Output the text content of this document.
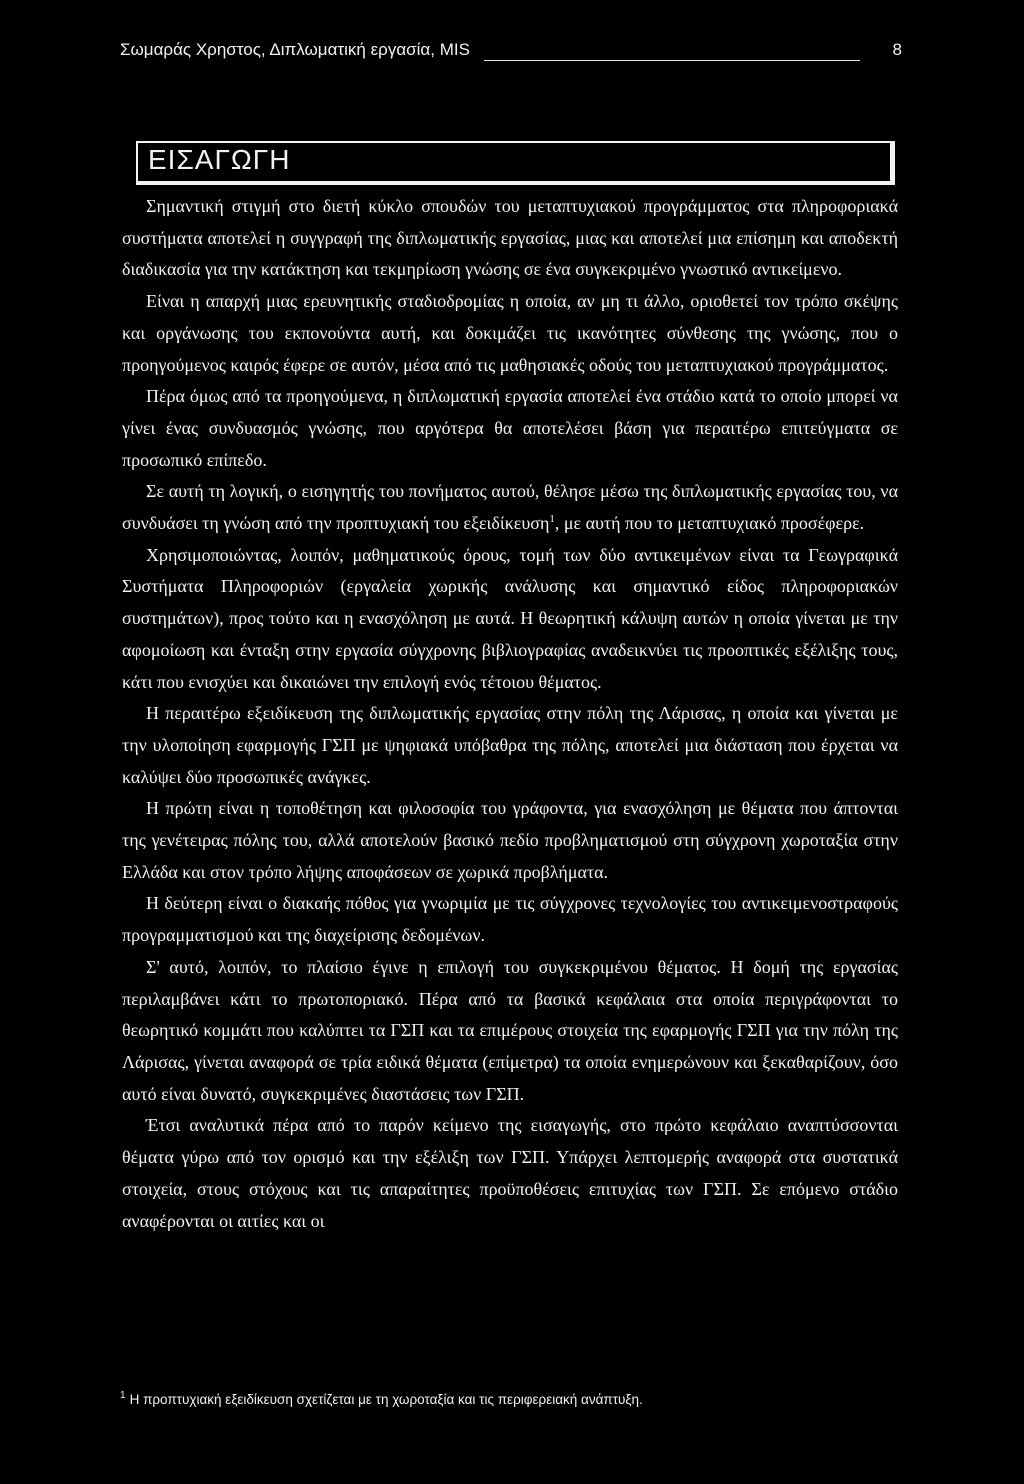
Σωμαράς Χρηστος, Διπλωματική εργασία, MIS	8
ΕΙΣΑΓΩΓΗ

Σημαντική στιγμή στο διετή κύκλο σπουδών του μεταπτυχιακού προγράμματος στα πληροφοριακά συστήματα αποτελεί η συγγραφή της διπλωματικής εργασίας, μιας και αποτελεί μια επίσημη και αποδεκτή διαδικασία για την κατάκτηση και τεκμηρίωση γνώσης σε ένα συγκεκριμένο γνωστικό αντικείμενο.

Είναι η απαρχή μιας ερευνητικής σταδιοδρομίας η οποία, αν μη τι άλλο, οριοθετεί τον τρόπο σκέψης και οργάνωσης του εκπονούντα αυτή, και δοκιμάζει τις ικανότητες σύνθεσης της γνώσης, που ο προηγούμενος καιρός έφερε σε αυτόν, μέσα από τις μαθησιακές οδούς του μεταπτυχιακού προγράμματος.

Πέρα όμως από τα προηγούμενα, η διπλωματική εργασία αποτελεί ένα στάδιο κατά το οποίο μπορεί να γίνει ένας συνδυασμός γνώσης, που αργότερα θα αποτελέσει βάση για περαιτέρω επιτεύγματα σε προσωπικό επίπεδο.

Σε αυτή τη λογική, ο εισηγητής του πονήματος αυτού, θέλησε μέσω της διπλωματικής εργασίας του, να συνδυάσει τη γνώση από την προπτυχιακή του εξειδίκευση$^1$, με αυτή που το μεταπτυχιακό προσέφερε.

Χρησιμοποιώντας, λοιπόν, μαθηματικούς όρους, τομή των δύο αντικειμένων είναι τα Γεωγραφικά Συστήματα Πληροφοριών (εργαλεία χωρικής ανάλυσης και σημαντικό είδος πληροφοριακών συστημάτων), προς τούτο και η ενασχόληση με αυτά. Η θεωρητική κάλυψη αυτών η οποία γίνεται με την αφομοίωση και ένταξη στην εργασία σύγχρονης βιβλιογραφίας αναδεικνύει τις προοπτικές εξέλιξης τους, κάτι που ενισχύει και δικαιώνει την επιλογή ενός τέτοιου θέματος.

Η περαιτέρω εξειδίκευση της διπλωματικής εργασίας στην πόλη της Λάρισας, η οποία και γίνεται με την υλοποίηση εφαρμογής ΓΣΠ με ψηφιακά υπόβαθρα της πόλης, αποτελεί μια διάσταση που έρχεται να καλύψει δύο προσωπικές ανάγκες.

Η πρώτη είναι η τοποθέτηση και φιλοσοφία του γράφοντα, για ενασχόληση με θέματα που άπτονται της γενέτειρας πόλης του, αλλά αποτελούν βασικό πεδίο προβληματισμού στη σύγχρονη χωροταξία στην Ελλάδα και στον τρόπο λήψης αποφάσεων σε χωρικά προβλήματα.

Η δεύτερη είναι ο διακαής πόθος για γνωριμία με τις σύγχρονες τεχνολογίες του αντικειμενοστραφούς προγραμματισμού και της διαχείρισης δεδομένων.

Σ' αυτό, λοιπόν, το πλαίσιο έγινε η επιλογή του συγκεκριμένου θέματος. Η δομή της εργασίας περιλαμβάνει κάτι το πρωτοποριακό. Πέρα από τα βασικά κεφάλαια στα οποία περιγράφονται το θεωρητικό κομμάτι που καλύπτει τα ΓΣΠ και τα επιμέρους στοιχεία της εφαρμογής ΓΣΠ για την πόλη της Λάρισας, γίνεται αναφορά σε τρία ειδικά θέματα (επίμετρα) τα οποία ενημερώνουν και ξεκαθαρίζουν, όσο αυτό είναι δυνατό, συγκεκριμένες διαστάσεις των ΓΣΠ.

Έτσι αναλυτικά πέρα από το παρόν κείμενο της εισαγωγής, στο πρώτο κεφάλαιο αναπτύσσονται θέματα γύρω από τον ορισμό και την εξέλιξη των ΓΣΠ. Υπάρχει λεπτομερής αναφορά στα συστατικά στοιχεία, στους στόχους και τις απαραίτητες προϋποθέσεις επιτυχίας των ΓΣΠ. Σε επόμενο στάδιο αναφέρονται οι αιτίες και οι

$^1$ Η προπτυχιακή εξειδίκευση σχετίζεται με τη χωροταξία και τις περιφερειακή ανάπτυξη.
